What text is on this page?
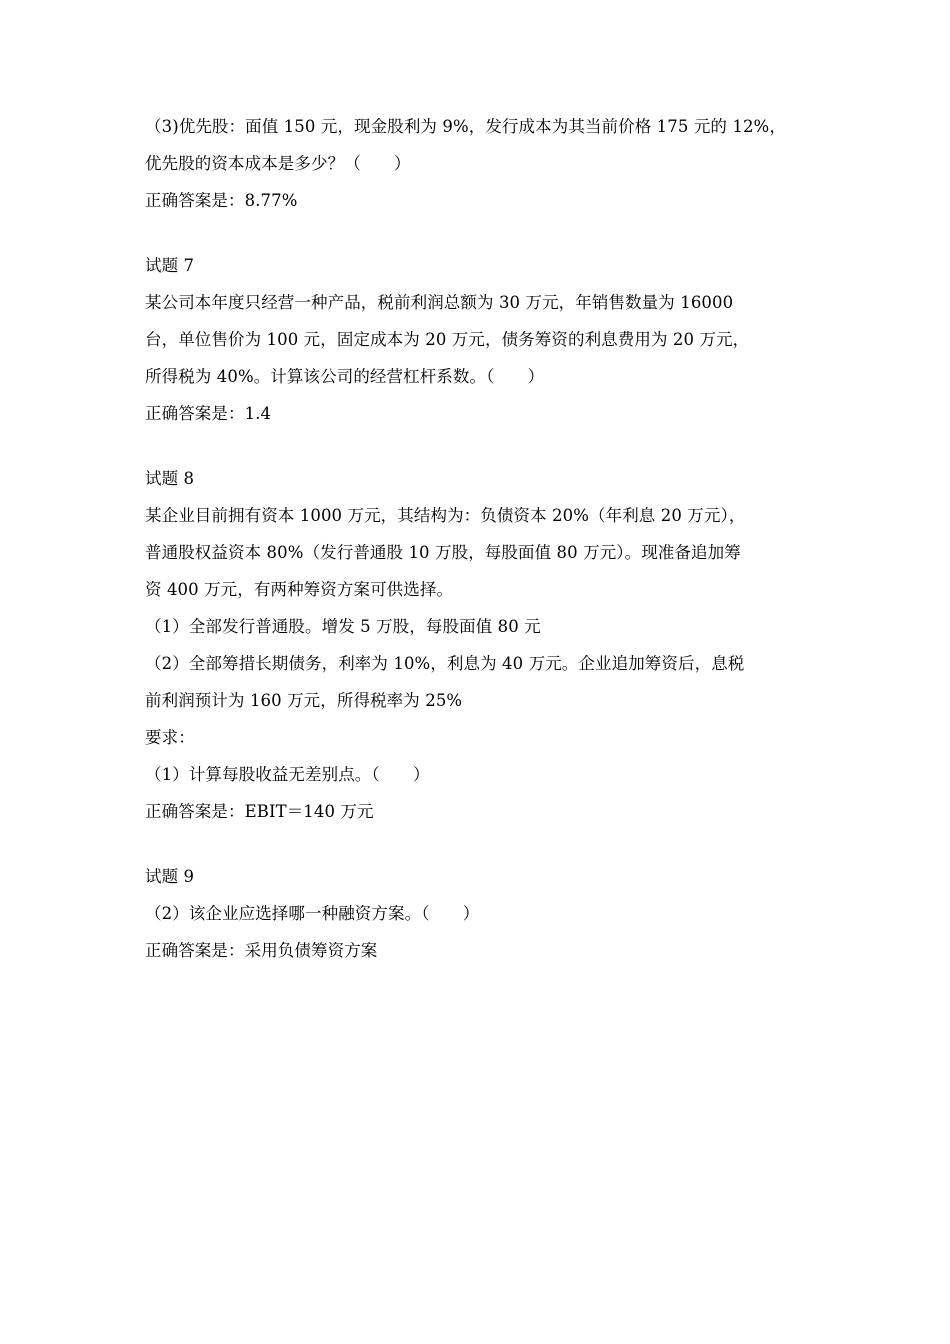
（3)优先股：面值 150 元，现金股利为 9%，发行成本为其当前价格 175 元的 12%，
优先股的资本成本是多少？（　　）
正确答案是：8.77%
试题 7
某公司本年度只经营一种产品，税前利润总额为 30 万元，年销售数量为 16000
台，单位售价为 100 元，固定成本为 20 万元，债务筹资的利息费用为 20 万元，
所得税为 40%。计算该公司的经营杠杆系数。（　　）
正确答案是：1.4
试题 8
某企业目前拥有资本 1000 万元，其结构为：负债资本 20%（年利息 20 万元），
普通股权益资本 80%（发行普通股 10 万股，每股面值 80 万元）。现准备追加筹
资 400 万元，有两种筹资方案可供选择。
（1）全部发行普通股。增发 5 万股，每股面值 80 元
（2）全部筹措长期债务，利率为 10%，利息为 40 万元。企业追加筹资后，息税
前利润预计为 160 万元，所得税率为 25%
要求：
（1）计算每股收益无差别点。（　　）
正确答案是：EBIT＝140 万元
试题 9
（2）该企业应选择哪一种融资方案。（　　）
正确答案是：采用负债筹资方案
